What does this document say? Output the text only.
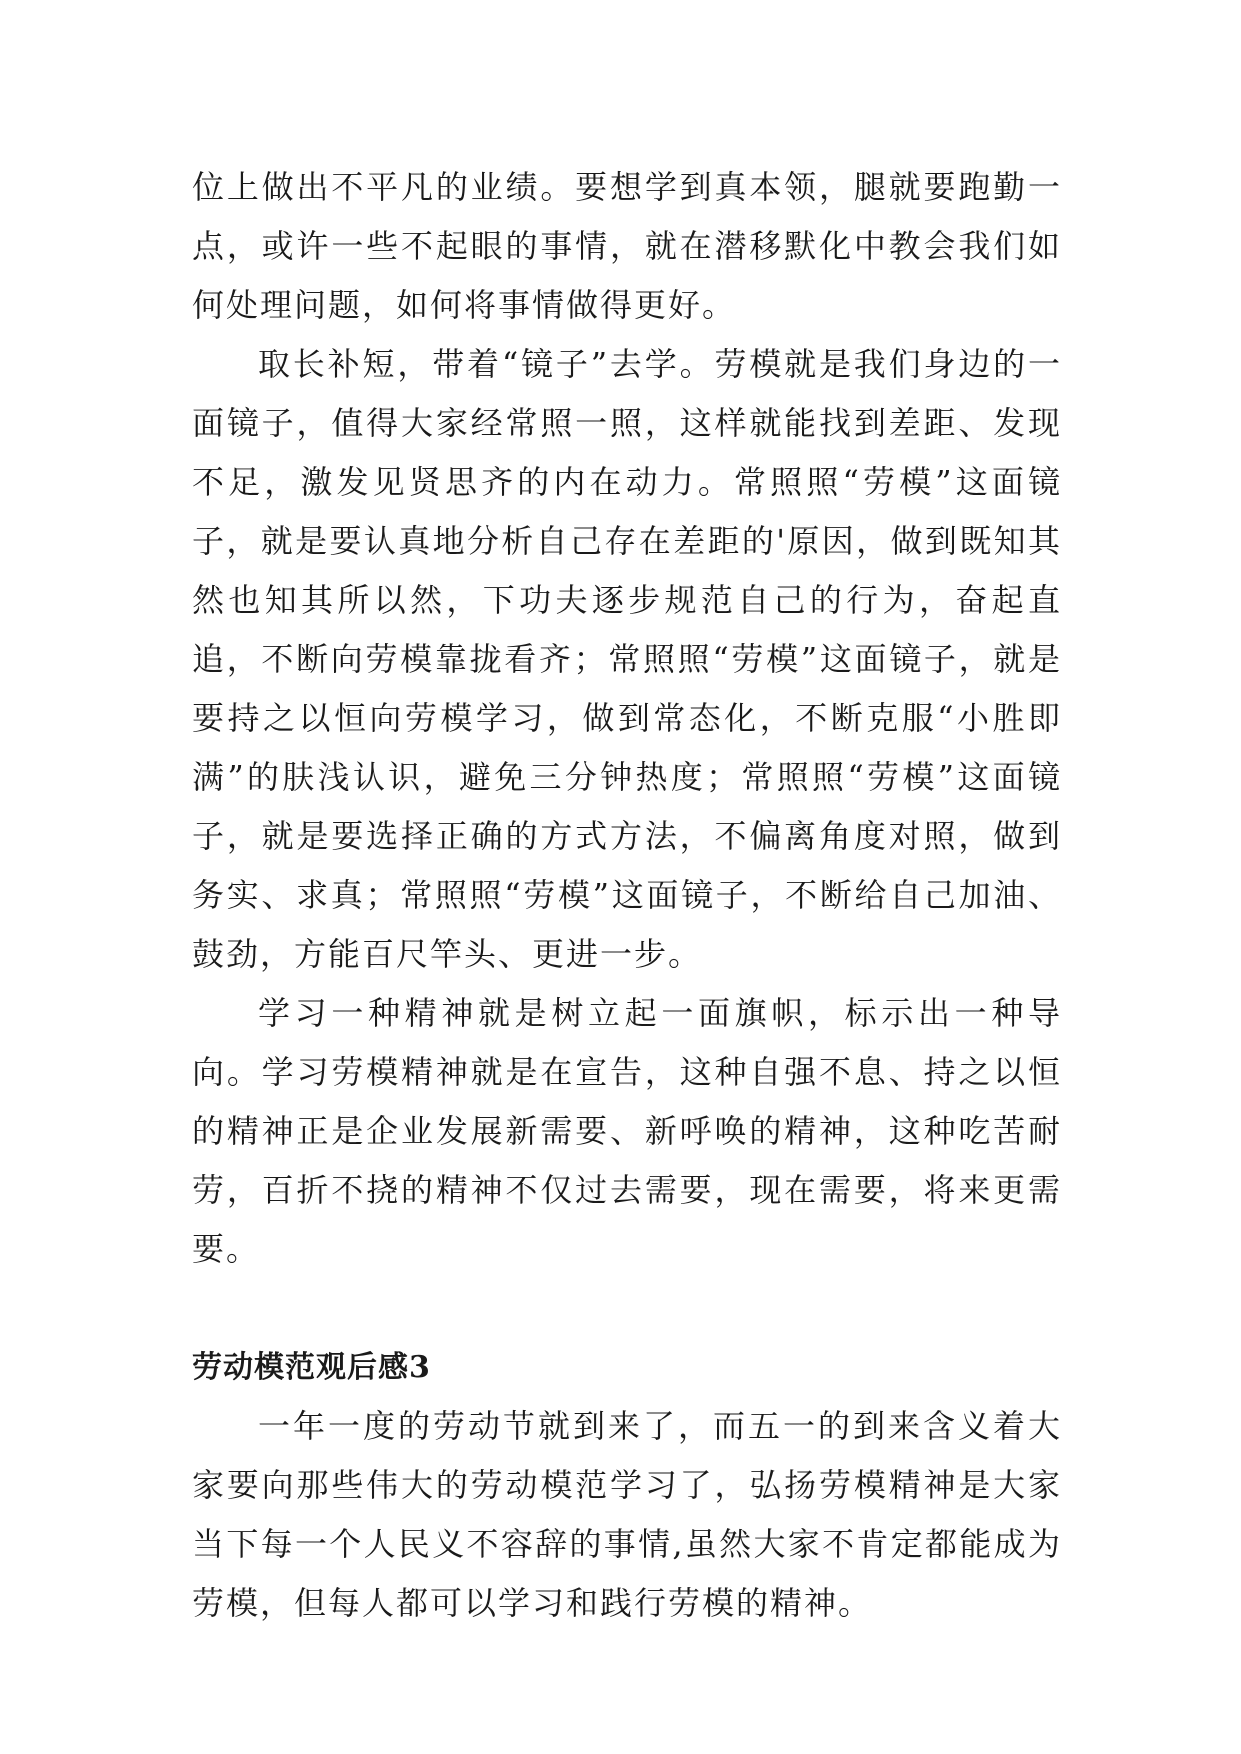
位上做出不平凡的业绩。要想学到真本领，腿就要跑勤一点，或许一些不起眼的事情，就在潜移默化中教会我们如何处理问题，如何将事情做得更好。

取长补短，带着“镜子”去学。劳模就是我们身边的一面镜子，值得大家经常照一照，这样就能找到差距、发现不足，激发见贤思齐的内在动力。常照照“劳模”这面镜子，就是要认真地分析自己存在差距的'原因，做到既知其然也知其所以然，下功夫逐步规范自己的行为，奋起直追，不断向劳模靠拢看齐；常照照“劳模”这面镜子，就是要持之以恒向劳模学习，做到常态化，不断克服“小胜即满”的肤浅认识，避免三分钟热度；常照照“劳模”这面镜子，就是要选择正确的方式方法，不偏离角度对照，做到务实、求真；常照照“劳模”这面镜子，不断给自己加油、鼓劲，方能百尺竿头、更进一步。

学习一种精神就是树立起一面旗帜，标示出一种导向。学习劳模精神就是在宣告，这种自强不息、持之以恒的精神正是企业发展新需要、新呼唤的精神，这种吃苦耐劳，百折不挠的精神不仅过去需要，现在需要，将来更需要。

劳动模范观后感3

一年一度的劳动节就到来了，而五一的到来含义着大家要向那些伟大的劳动模范学习了，弘扬劳模精神是大家当下每一个人民义不容辞的事情,虽然大家不肯定都能成为劳模，但每人都可以学习和践行劳模的精神。
